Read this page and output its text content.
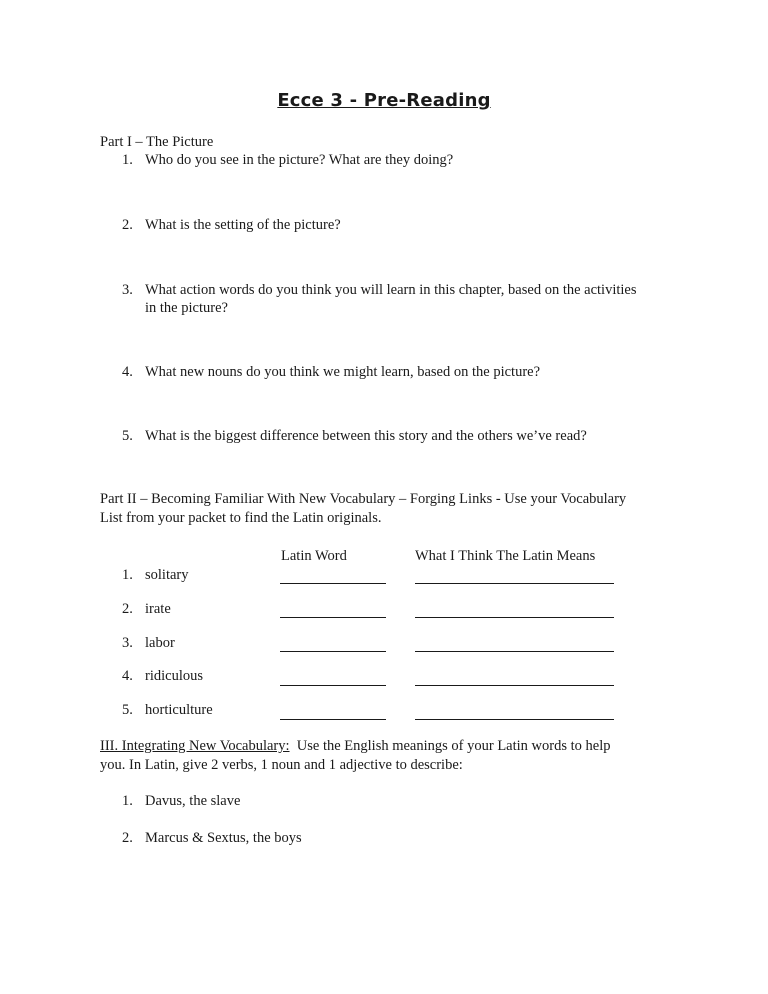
Ecce 3 - Pre-Reading
Part I – The Picture
1. Who do you see in the picture? What are they doing?
2. What is the setting of the picture?
3. What action words do you think you will learn in this chapter, based on the activities
in the picture?
4. What new nouns do you think we might learn, based on the picture?
5. What is the biggest difference between this story and the others we’ve read?
Part II – Becoming Familiar With New Vocabulary – Forging Links - Use your Vocabulary
List from your packet to find the Latin originals.
Latin Word	What I Think The Latin Means
1. solitary
2. irate
3. labor
4. ridiculous
5. horticulture
III. Integrating New Vocabulary: Use the English meanings of your Latin words to help
you. In Latin, give 2 verbs, 1 noun and 1 adjective to describe:
1. Davus, the slave
2. Marcus & Sextus, the boys
